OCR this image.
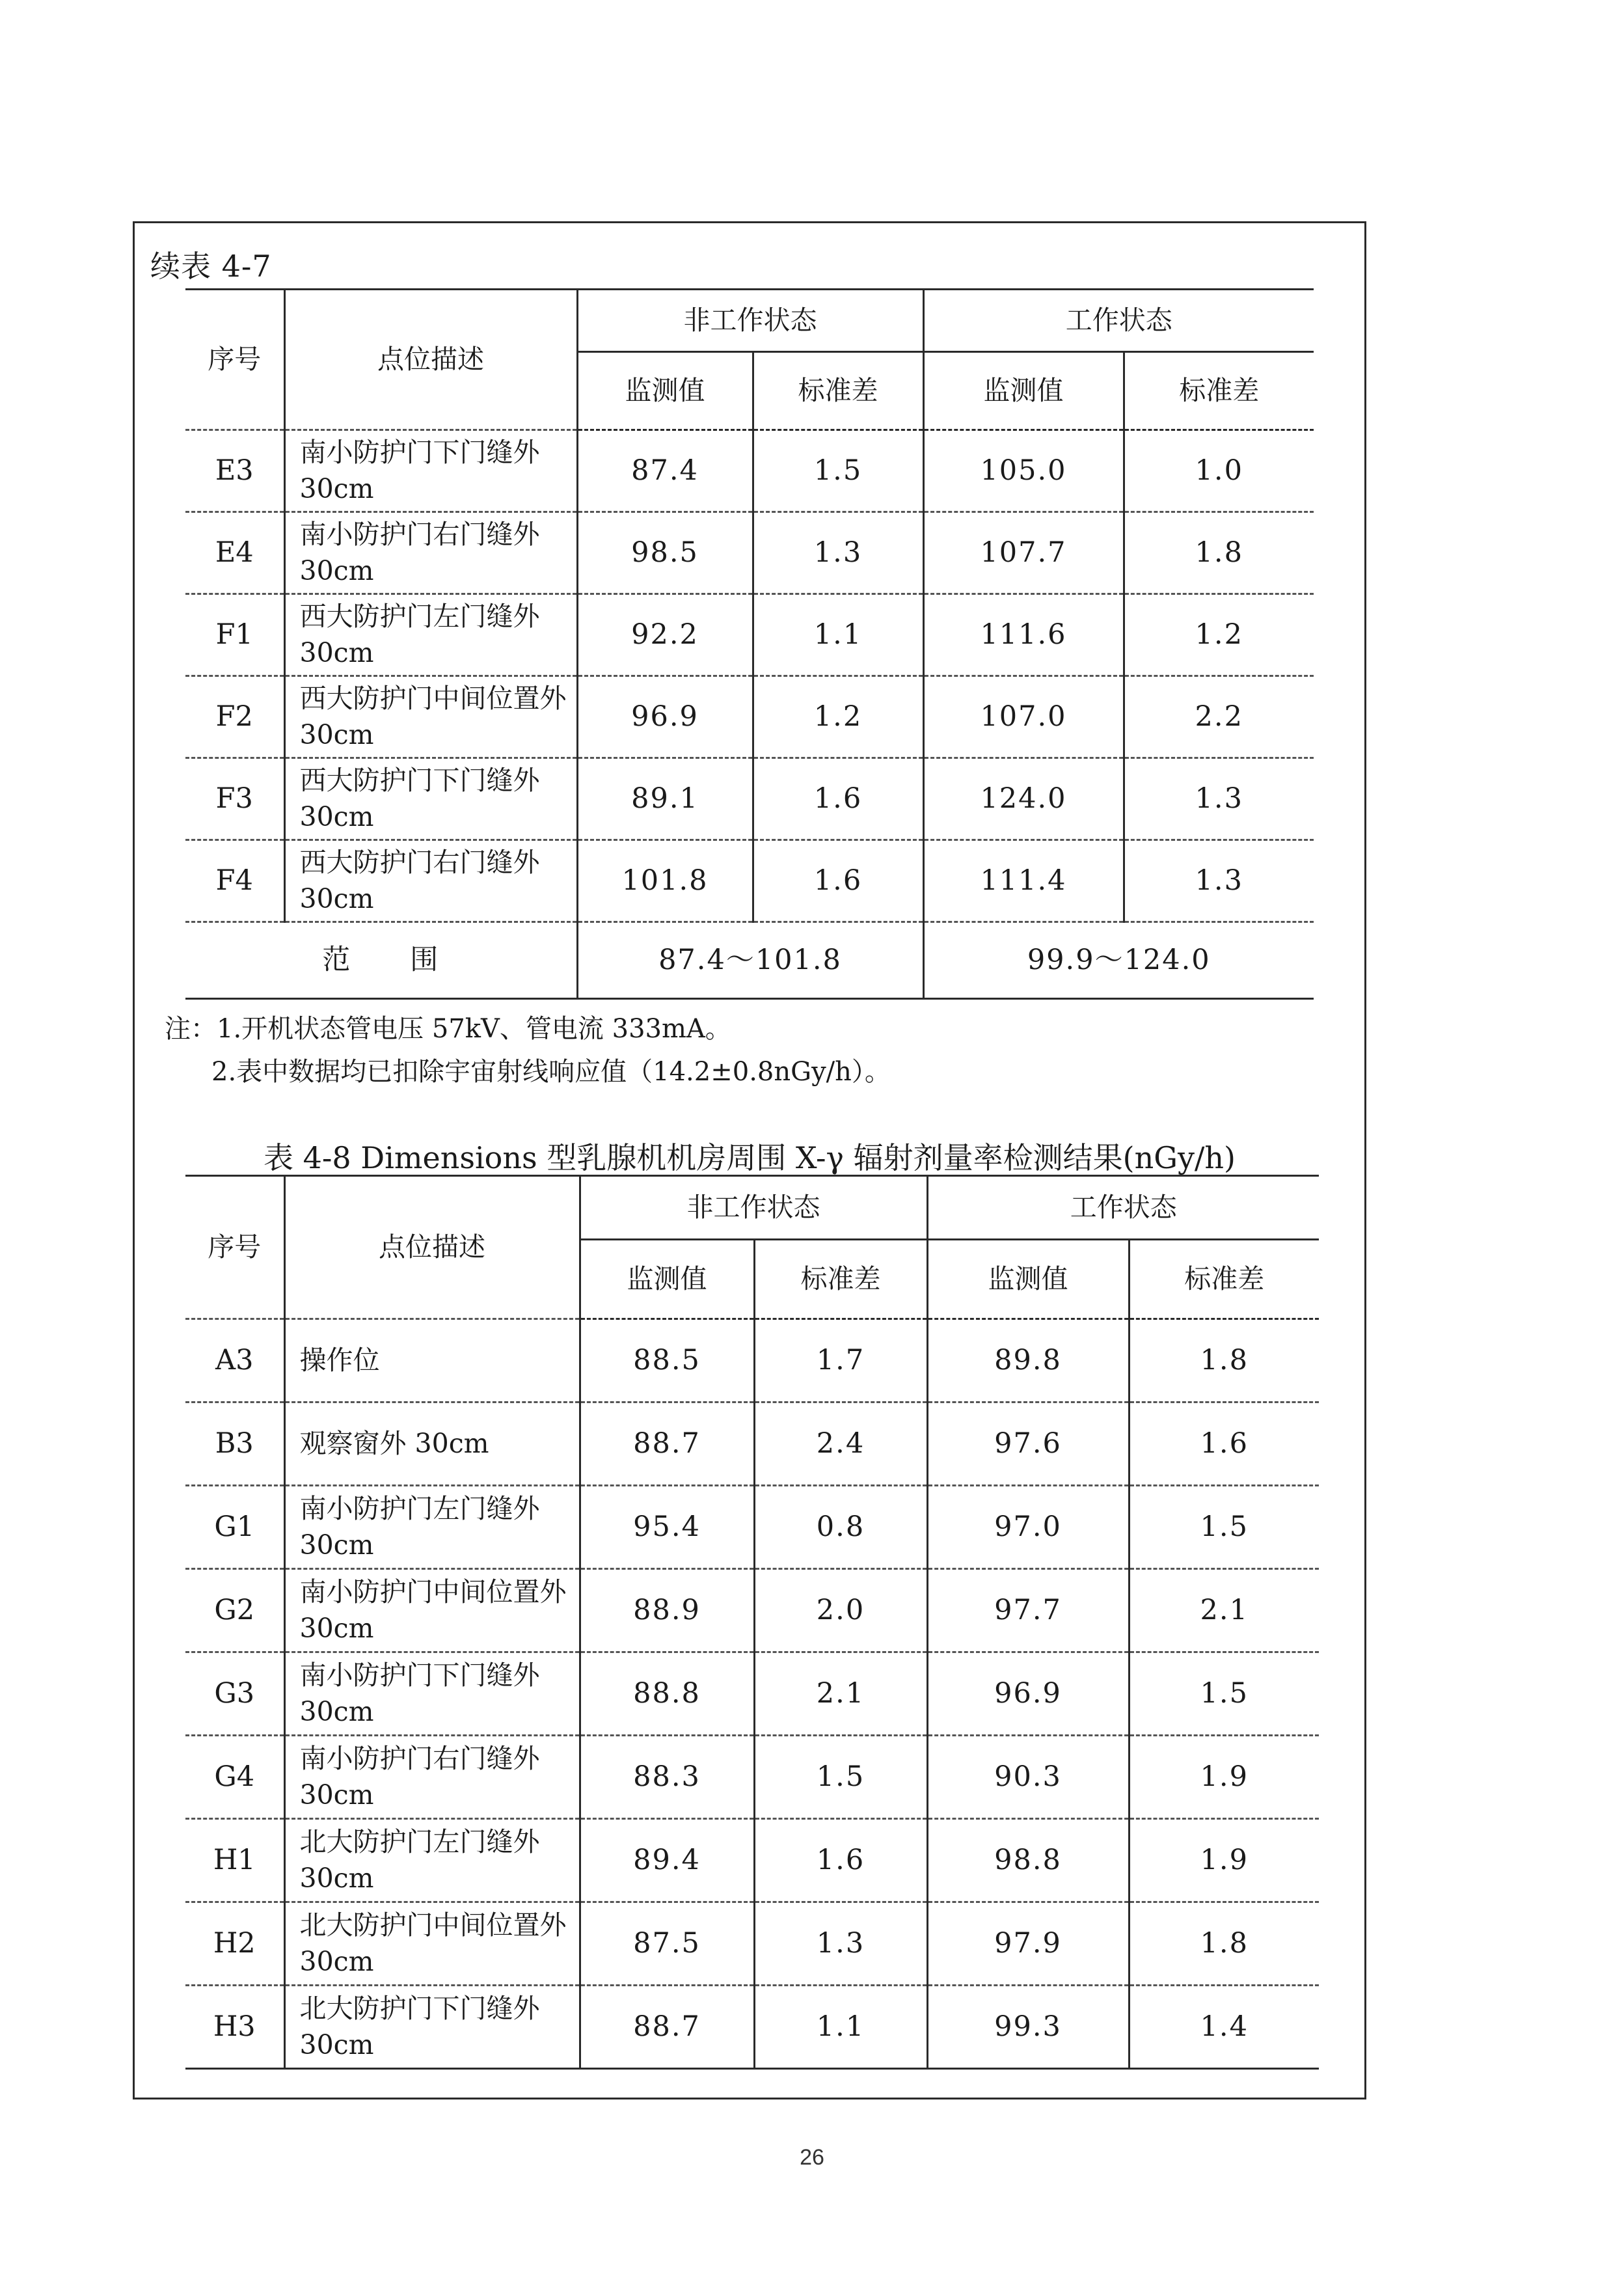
续表 4-7
序号	点位描述	非工作状态		工作状态	
		监测值	标准差	监测值	标准差
E3	南小防护门下门缝外30cm	87.4	1.5	105.0	1.0
E4	南小防护门右门缝外30cm	98.5	1.3	107.7	1.8
F1	西大防护门左门缝外30cm	92.2	1.1	111.6	1.2
F2	西大防护门中间位置外30cm	96.9	1.2	107.0	2.2
F3	西大防护门下门缝外30cm	89.1	1.6	124.0	1.3
F4	西大防护门右门缝外30cm	101.8	1.6	111.4	1.3
范　　围		87.4～101.8		99.9～124.0	
注：1.开机状态管电压 57kV、管电流 333mA。
2.表中数据均已扣除宇宙射线响应值（14.2±0.8nGy/h）。
表 4-8 Dimensions 型乳腺机机房周围 X-γ 辐射剂量率检测结果(nGy/h)
序号	点位描述	非工作状态		工作状态	
		监测值	标准差	监测值	标准差
A3	操作位	88.5	1.7	89.8	1.8
B3	观察窗外 30cm	88.7	2.4	97.6	1.6
G1	南小防护门左门缝外30cm	95.4	0.8	97.0	1.5
G2	南小防护门中间位置外 30cm	88.9	2.0	97.7	2.1
G3	南小防护门下门缝外30cm	88.8	2.1	96.9	1.5
G4	南小防护门右门缝外30cm	88.3	1.5	90.3	1.9
H1	北大防护门左门缝外30cm	89.4	1.6	98.8	1.9
H2	北大防护门中间位置外 30cm	87.5	1.3	97.9	1.8
H3	北大防护门下门缝外30cm	88.7	1.1	99.3	1.4
26
